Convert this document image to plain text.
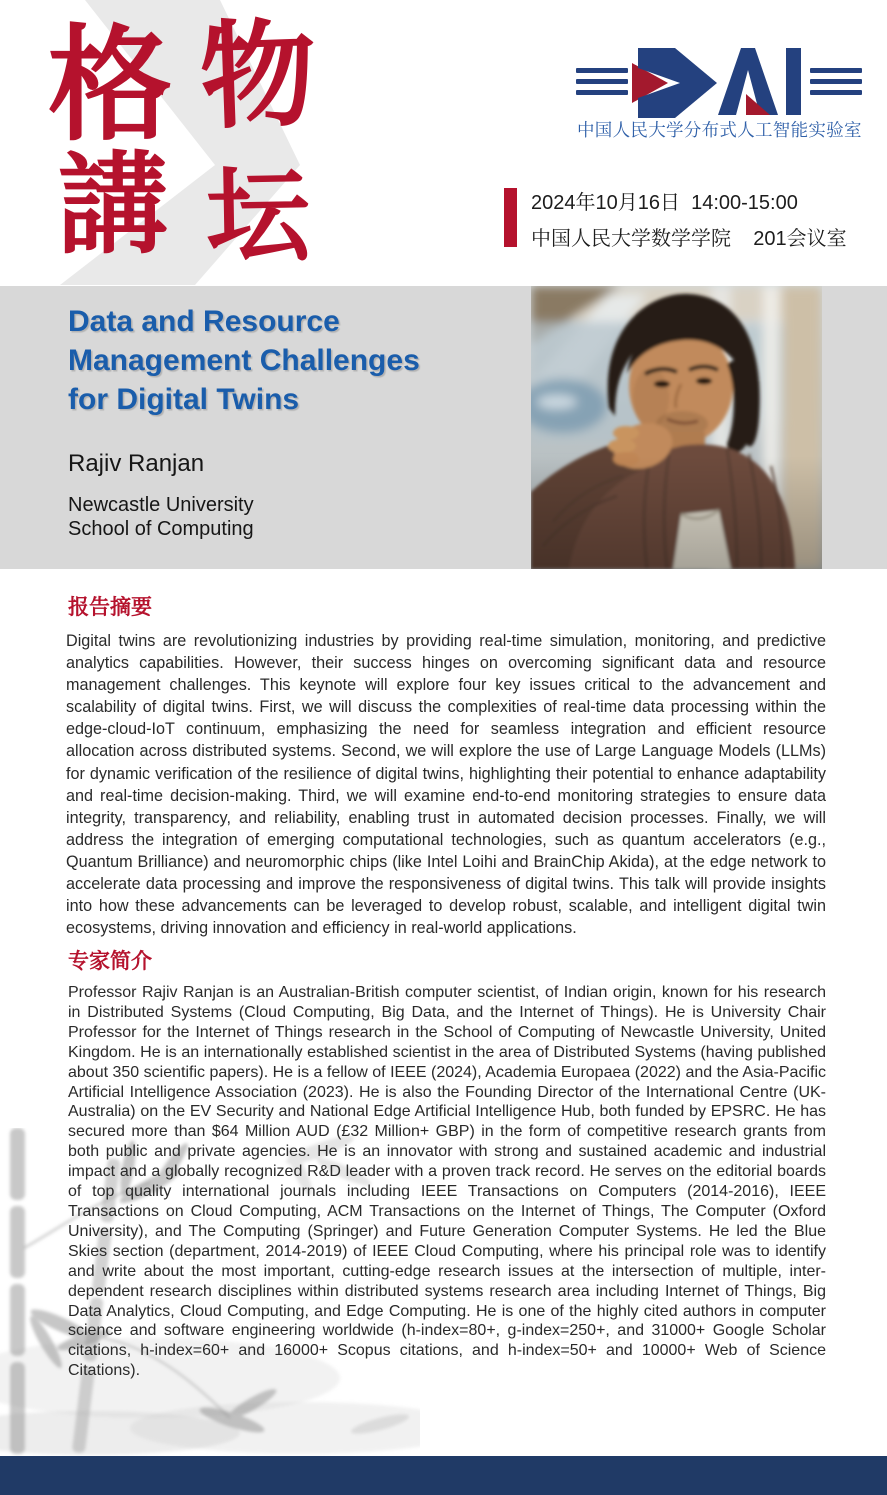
格 物
講 坛
中国人民大学分布式人工智能实验室
2024年10月16日  14:00-15:00
中国人民大学数学学院    201会议室
Data and Resource
Management Challenges
for Digital Twins
Rajiv Ranjan
Newcastle University
School of Computing
报告摘要
Digital twins are revolutionizing industries by providing real-time simulation, monitoring, and predictive analytics capabilities. However, their success hinges on overcoming significant data and resource management challenges. This keynote will explore four key issues critical to the advancement and scalability of digital twins. First, we will discuss the complexities of real-time data processing within the edge-cloud-IoT continuum, emphasizing the need for seamless integration and efficient resource allocation across distributed systems. Second, we will explore the use of Large Language Models (LLMs) for dynamic verification of the resilience of digital twins, highlighting their potential to enhance adaptability and real-time decision-making. Third, we will examine end-to-end monitoring strategies to ensure data integrity, transparency, and reliability, enabling trust in automated decision processes. Finally, we will address the integration of emerging computational technologies, such as quantum accelerators (e.g., Quantum Brilliance) and neuromorphic chips (like Intel Loihi and BrainChip Akida), at the edge network to accelerate data processing and improve the responsiveness of digital twins. This talk will provide insights into how these advancements can be leveraged to develop robust, scalable, and intelligent digital twin ecosystems, driving innovation and efficiency in real-world applications.
专家简介
Professor Rajiv Ranjan is an Australian-British computer scientist, of Indian origin, known for his research in Distributed Systems (Cloud Computing, Big Data, and the Internet of Things). He is University Chair Professor for the Internet of Things research in the School of Computing of Newcastle University, United Kingdom. He is an internationally established scientist in the area of Distributed Systems (having published about 350 scientific papers). He is a fellow of IEEE (2024), Academia Europaea (2022) and the Asia-Pacific Artificial Intelligence Association (2023). He is also the Founding Director of the International Centre (UK-Australia) on the EV Security and National Edge Artificial Intelligence Hub, both funded by EPSRC. He has secured more than $64 Million AUD (£32 Million+ GBP) in the form of competitive research grants from both public and private agencies. He is an innovator with strong and sustained academic and industrial impact and a globally recognized R&D leader with a proven track record. He serves on the editorial boards of top quality international journals including IEEE Transactions on Computers (2014-2016), IEEE Transactions on Cloud Computing, ACM Transactions on the Internet of Things, The Computer (Oxford University), and The Computing (Springer) and Future Generation Computer Systems. He led the Blue Skies section (department, 2014-2019) of IEEE Cloud Computing, where his principal role was to identify and write about the most important, cutting-edge research issues at the intersection of multiple, inter-dependent research disciplines within distributed systems research area including Internet of Things, Big Data Analytics, Cloud Computing, and Edge Computing. He is one of the highly cited authors in computer science and software engineering worldwide (h-index=80+, g-index=250+, and 31000+ Google Scholar citations, h-index=60+ and 16000+ Scopus citations, and h-index=50+ and 10000+ Web of Science Citations).
